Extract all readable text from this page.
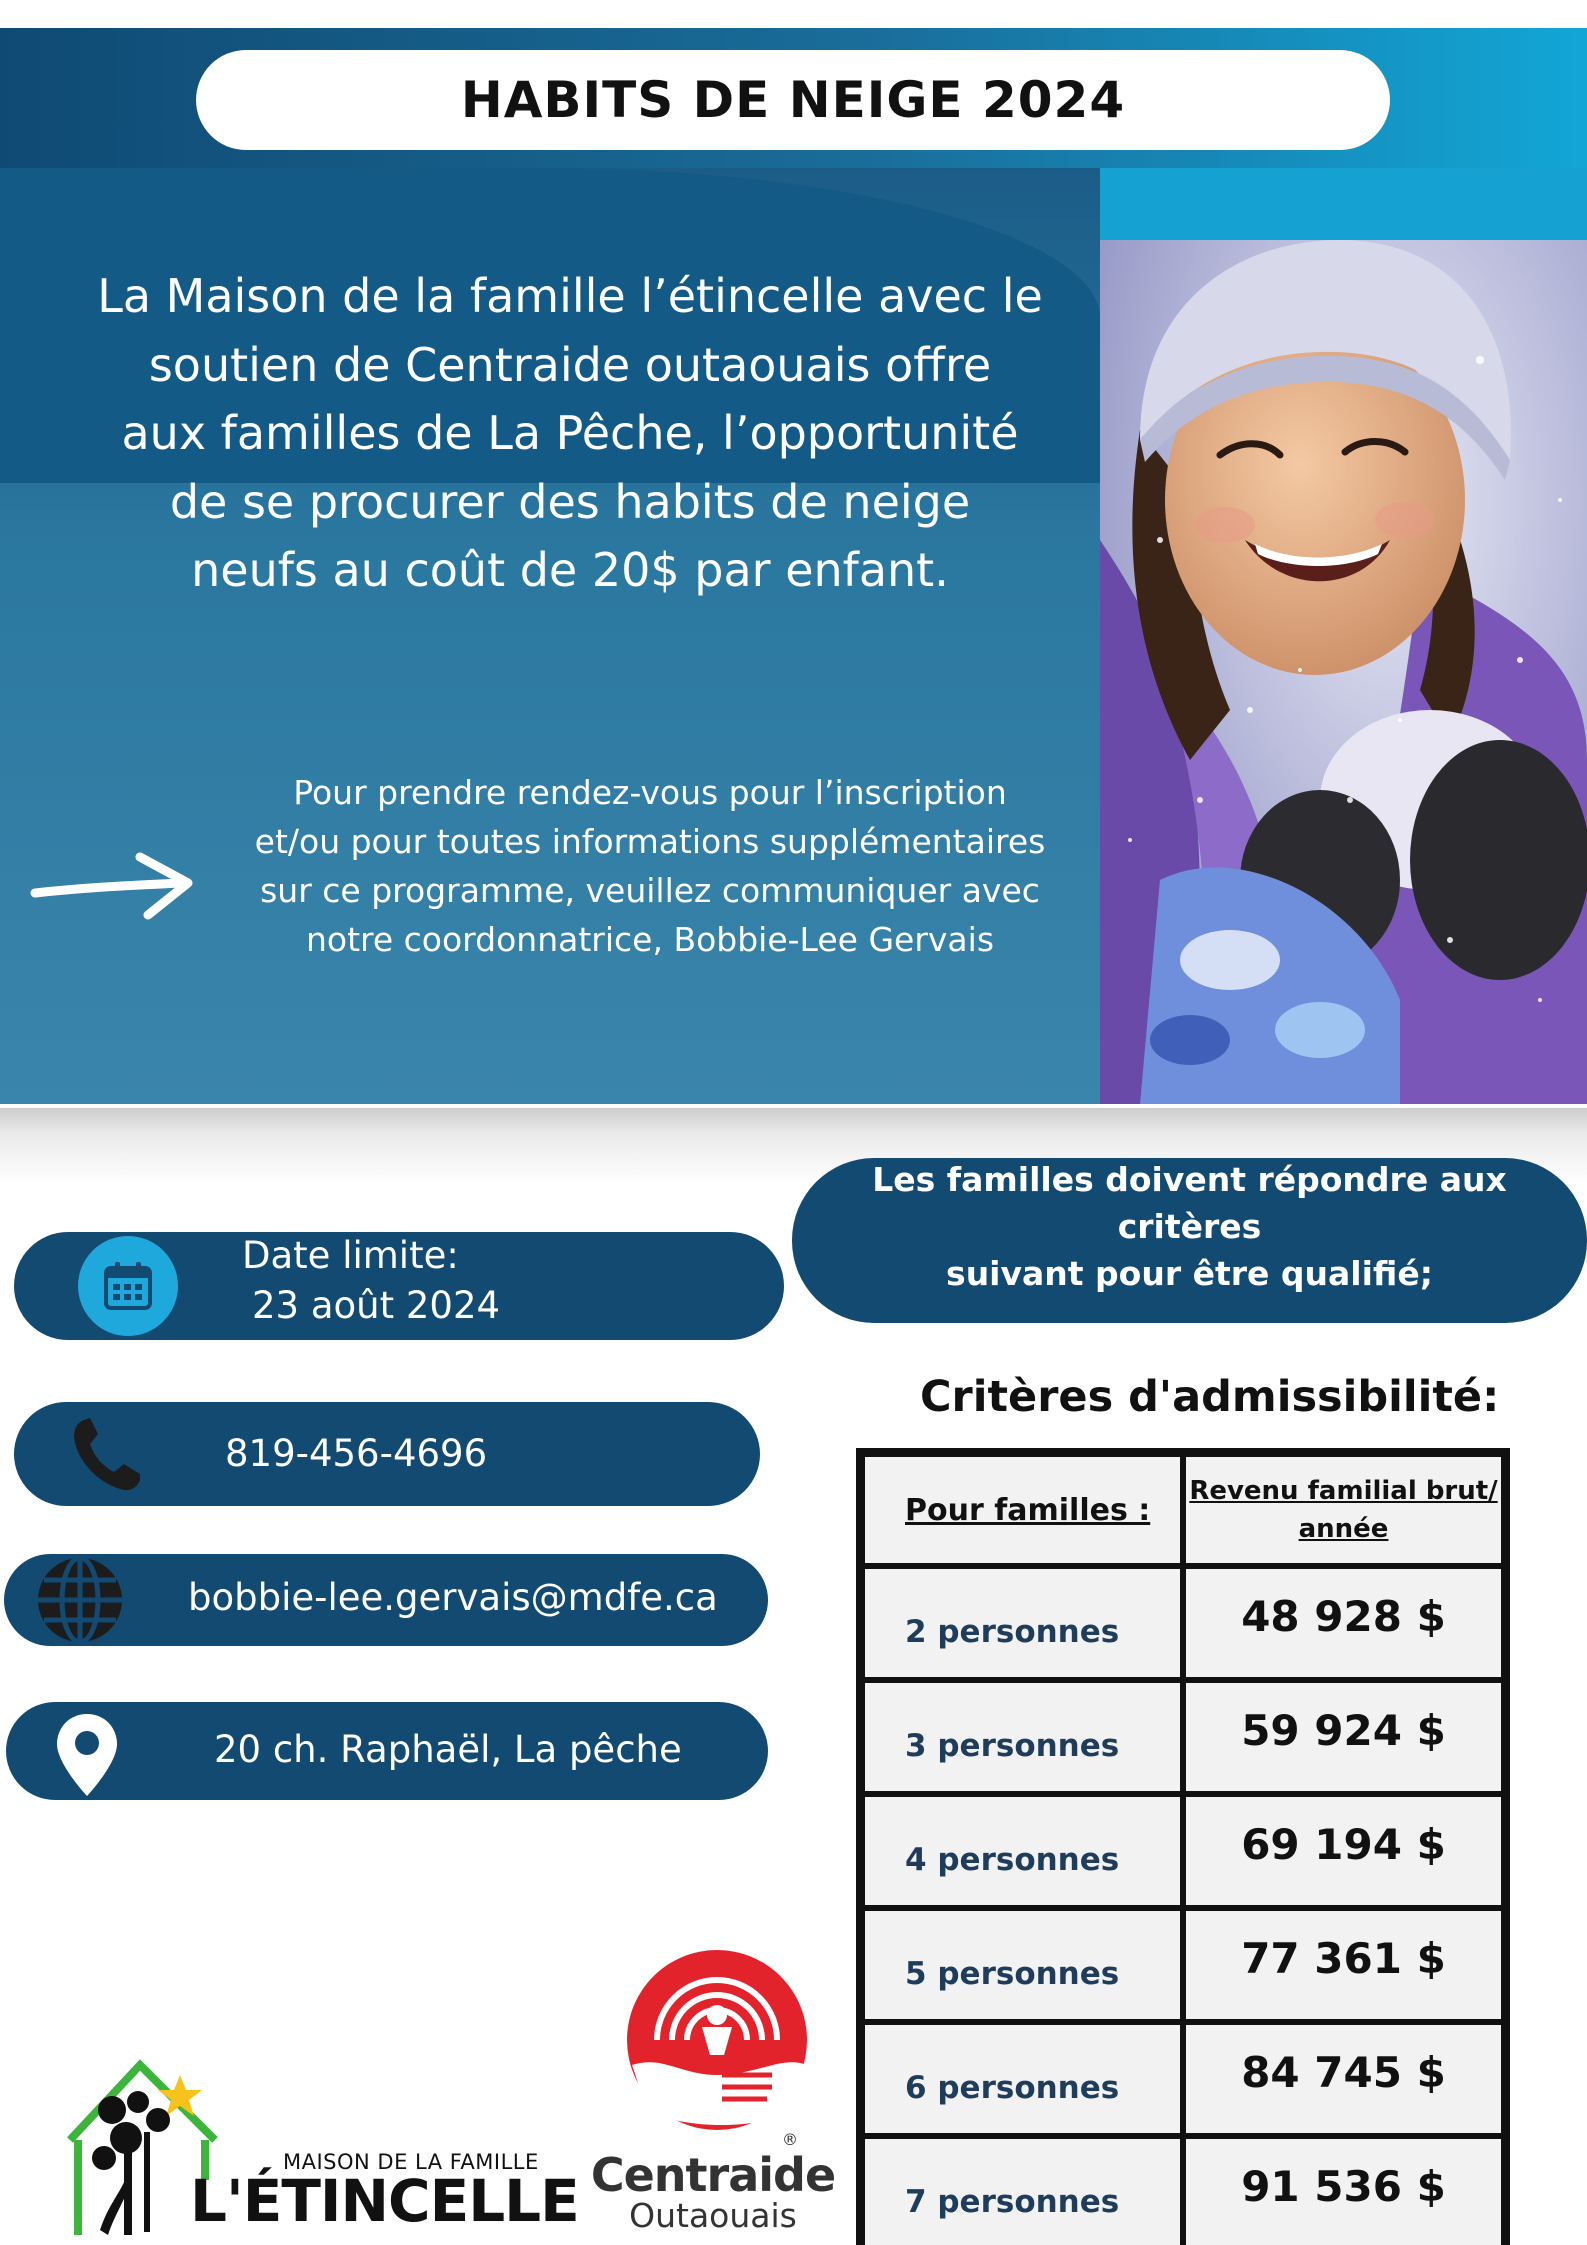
HABITS DE NEIGE 2024
La Maison de la famille l’étincelle avec le
soutien de Centraide outaouais offre
aux familles de La Pêche, l’opportunité
de se procurer des habits de neige
neufs au coût de 20$ par enfant.
Pour prendre rendez-vous pour l’inscription
et/ou pour toutes informations supplémentaires
sur ce programme, veuillez communiquer avec
notre coordonnatrice, Bobbie-Lee Gervais
Date limite:
23 août 2024
819-456-4696
bobbie-lee.gervais@mdfe.ca
20 ch. Raphaël, La pêche
Les familles doivent répondre aux critères
suivant pour être qualifié;
Critères d'admissibilité:
Pour familles :	Revenu familial brut/
année

2 personnes	48 928 $
3 personnes	59 924 $
4 personnes	69 194 $
5 personnes	77 361 $
6 personnes	84 745 $
7 personnes	91 536 $
MAISON DE LA FAMILLE
L'ÉTINCELLE
®
Centraide
Outaouais
